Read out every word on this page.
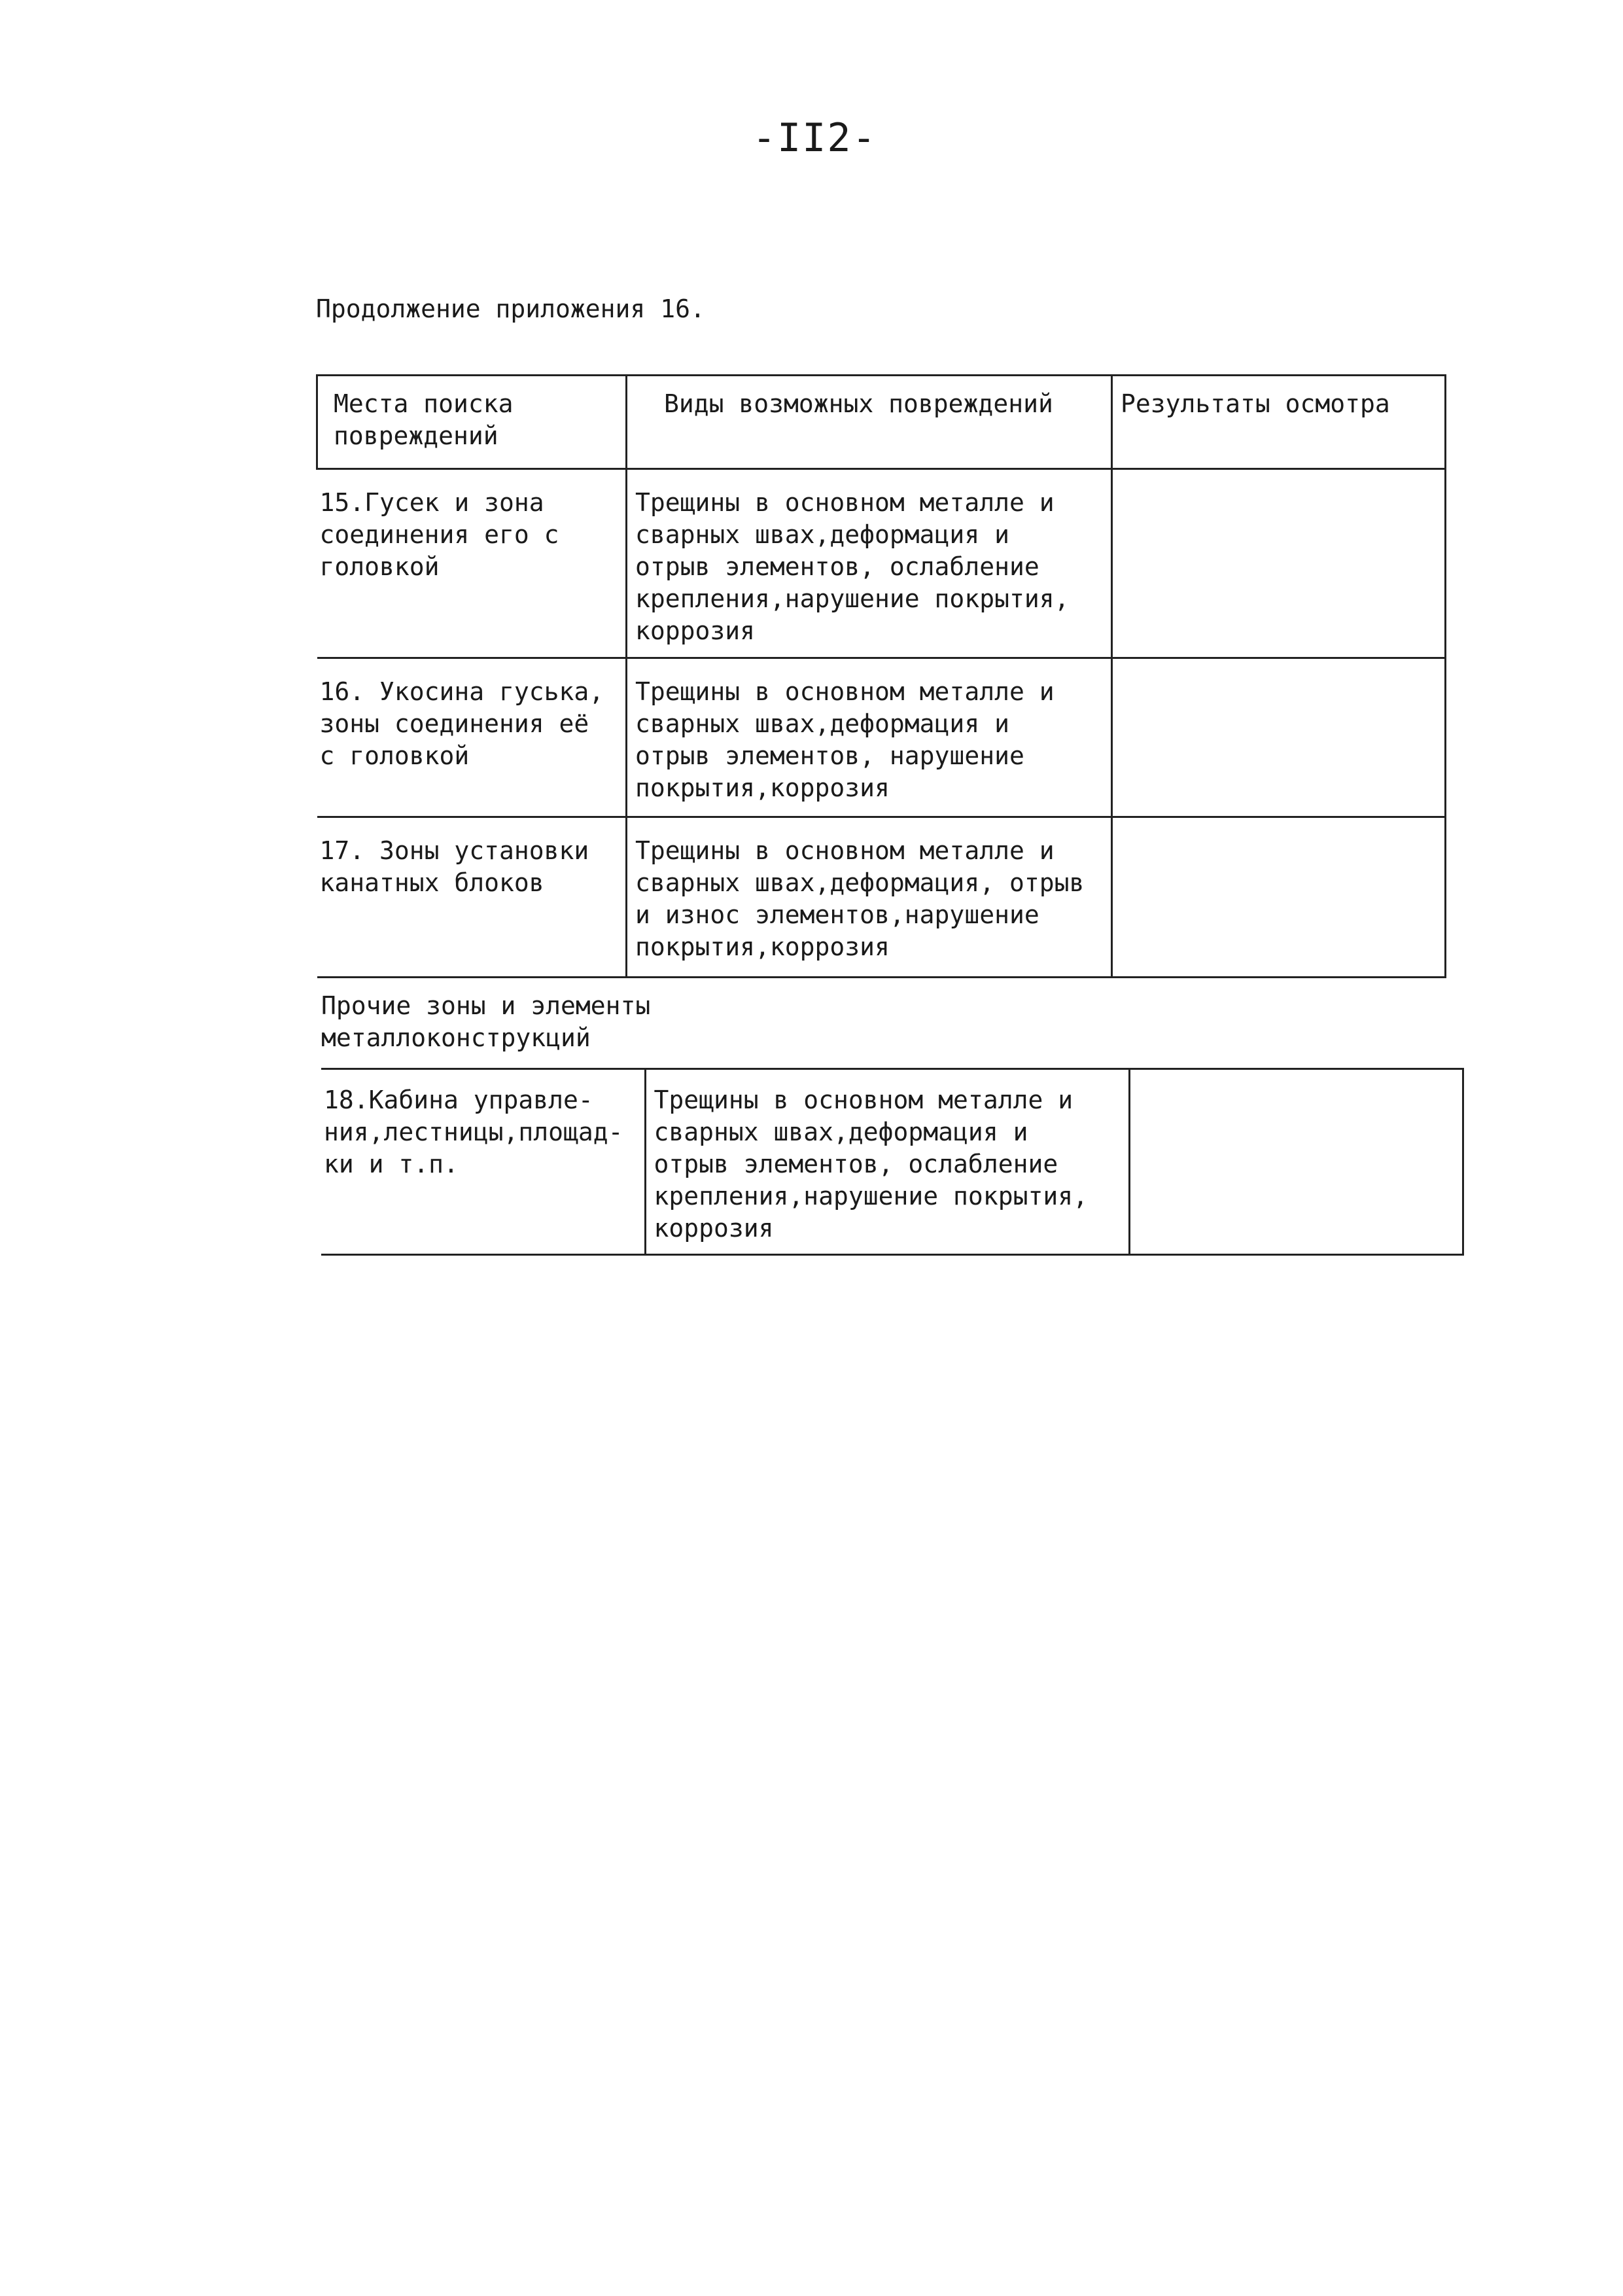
-II2-
Продолжение приложения 16.
Места поиска
повреждений	Виды возможных повреждений	Результаты осмотра
15.Гусек и зона
соединения его с
головкой	Трещины в основном металле и
сварных швах,деформация и
отрыв элементов, ослабление
крепления,нарушение покрытия,
коррозия	
16. Укосина гуська,
зоны соединения её
с головкой	Трещины в основном металле и
сварных швах,деформация и
отрыв элементов, нарушение
покрытия,коррозия	
17. Зоны установки
канатных блоков	Трещины в основном металле и
сварных швах,деформация, отрыв
и износ элементов,нарушение
покрытия,коррозия	
Прочие зоны и элементы
металлоконструкций
18.Кабина управле-
ния,лестницы,площад-
ки и т.п.	Трещины в основном металле и
сварных швах,деформация и
отрыв элементов, ослабление
крепления,нарушение покрытия,
коррозия	
